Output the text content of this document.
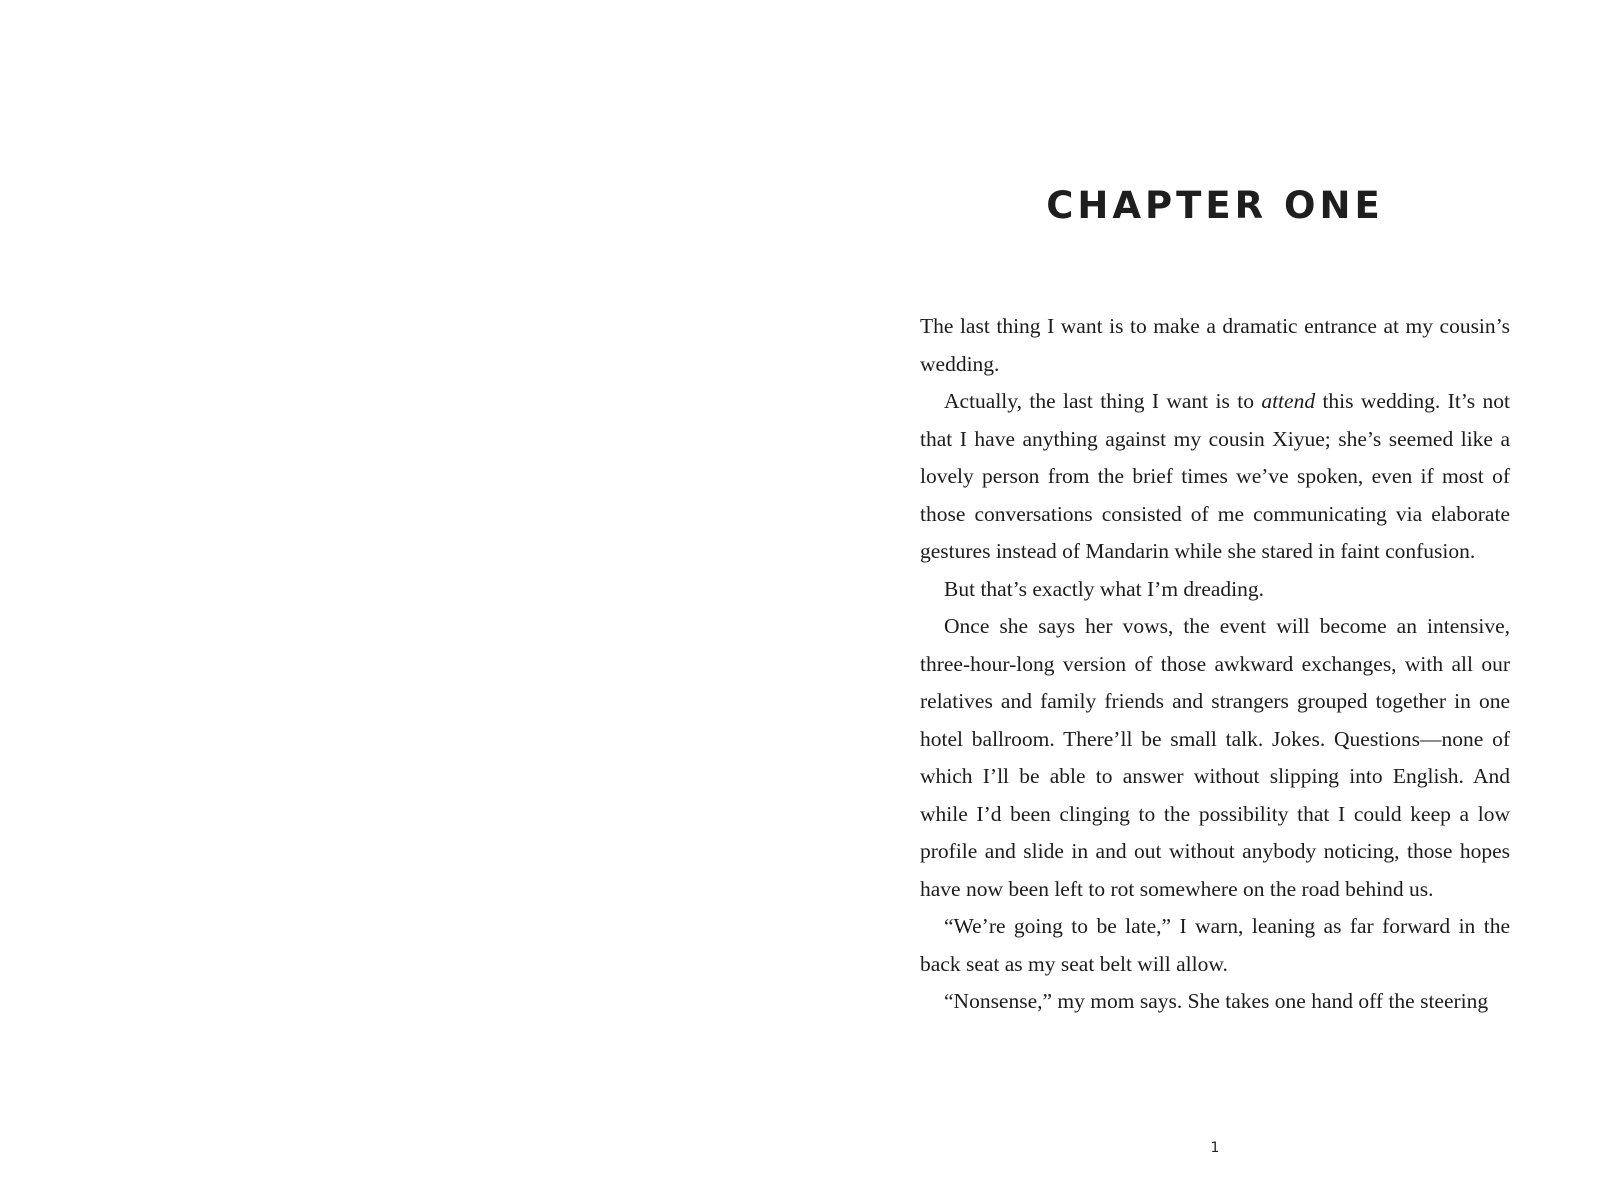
CHAPTER ONE

The last thing I want is to make a dramatic entrance at my cousin’s wedding.

Actually, the last thing I want is to attend this wedding. It’s not that I have anything against my cousin Xiyue; she’s seemed like a lovely person from the brief times we’ve spoken, even if most of those conversations consisted of me communicating via elaborate gestures instead of Mandarin while she stared in faint confusion.

But that’s exactly what I’m dreading.

Once she says her vows, the event will become an intensive, three-hour-long version of those awkward exchanges, with all our relatives and family friends and strangers grouped together in one hotel ballroom. There’ll be small talk. Jokes. Questions—none of which I’ll be able to answer without slipping into English. And while I’d been clinging to the possibility that I could keep a low profile and slide in and out without anybody noticing, those hopes have now been left to rot somewhere on the road behind us.

“We’re going to be late,” I warn, leaning as far forward in the back seat as my seat belt will allow.

“Nonsense,” my mom says. She takes one hand off the steering

1
